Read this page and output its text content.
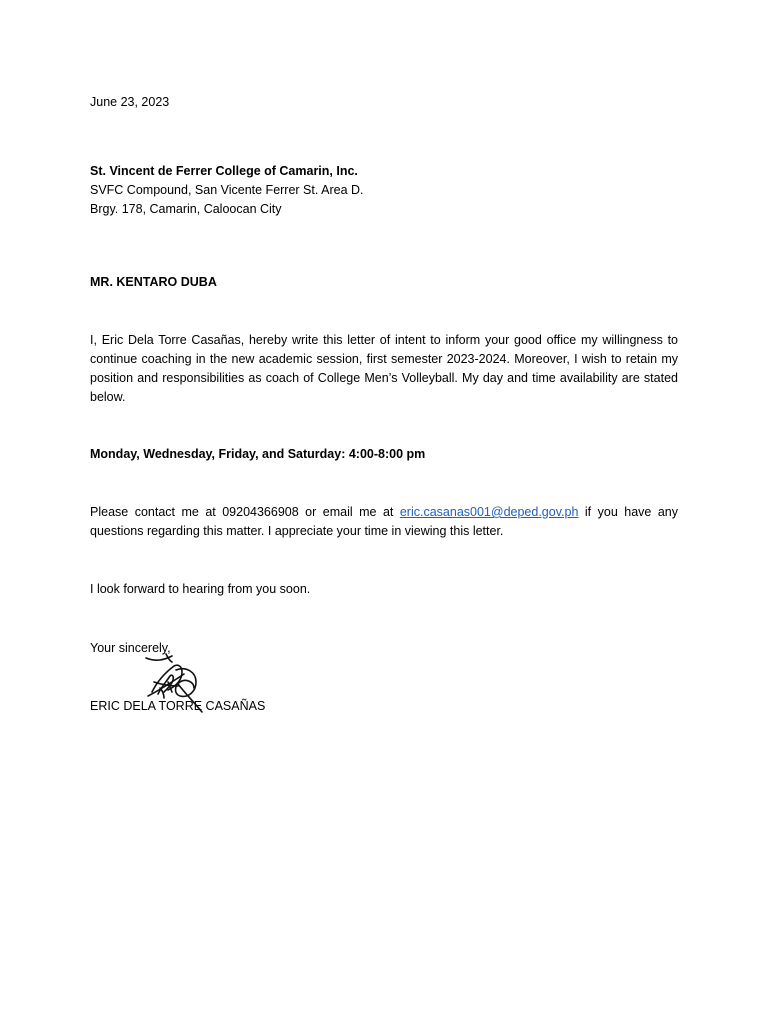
June 23, 2023
St. Vincent de Ferrer College of Camarin, Inc.
SVFC Compound, San Vicente Ferrer St. Area D.
Brgy. 178, Camarin, Caloocan City
MR. KENTARO DUBA
I, Eric Dela Torre Casañas, hereby write this letter of intent to inform your good office my willingness to continue coaching in the new academic session, first semester 2023-2024. Moreover, I wish to retain my position and responsibilities as coach of College Men’s Volleyball. My day and time availability are stated below.
Monday, Wednesday, Friday, and Saturday: 4:00-8:00 pm
Please contact me at 09204366908 or email me at eric.casanas001@deped.gov.ph if you have any questions regarding this matter. I appreciate your time in viewing this letter.
I look forward to hearing from you soon.
Your sincerely,
ERIC DELA TORRE CASAÑAS
